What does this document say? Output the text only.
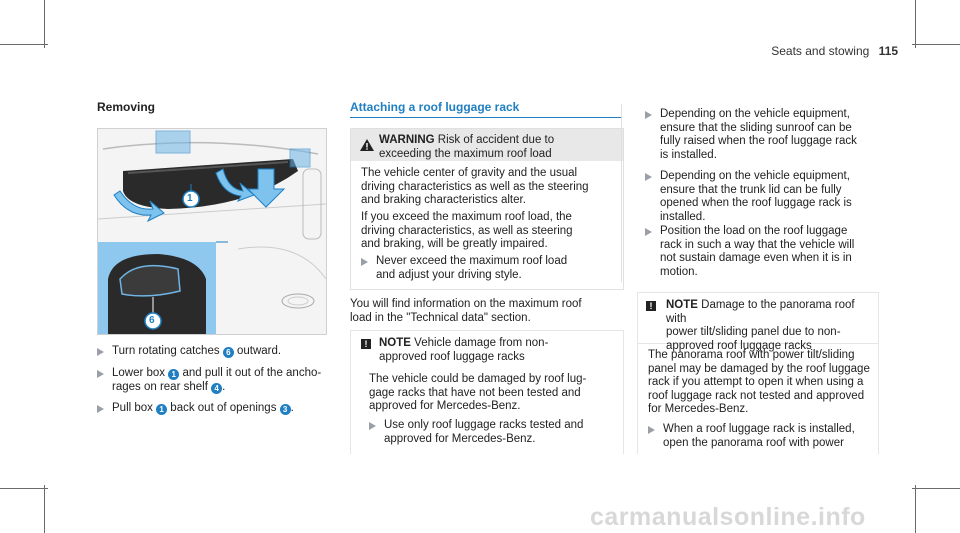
Seats and stowing 115
Removing
1
6
Turn rotating catches 6 outward.
Lower box 1 and pull it out of the ancho-
rages on rear shelf 4 .
Pull box 1 back out of openings 3 .
Attaching a roof luggage rack
WARNING Risk of accident due to
exceeding the maximum roof load
The vehicle center of gravity and the usual
driving characteristics as well as the steering
and braking characteristics alter.
If you exceed the maximum roof load, the
driving characteristics, as well as steering
and braking, will be greatly impaired.
Never exceed the maximum roof load
and adjust your driving style.
You will find information on the maximum roof
load in the "Technical data" section.
!	NOTE Vehicle damage from non-
approved roof luggage racks
The vehicle could be damaged by roof lug-
gage racks that have not been tested and
approved for Mercedes-Benz.
Use only roof luggage racks tested and
approved for Mercedes-Benz.
Depending on the vehicle equipment,
ensure that the sliding sunroof can be
fully raised when the roof luggage rack
is installed.
Depending on the vehicle equipment,
ensure that the trunk lid can be fully
opened when the roof luggage rack is
installed.
Position the load on the roof luggage
rack in such a way that the vehicle will
not sustain damage even when it is in
motion.
!	NOTE Damage to the panorama roof with
power tilt/sliding panel due to non-
approved roof luggage racks
The panorama roof with power tilt/sliding
panel may be damaged by the roof luggage
rack if you attempt to open it when using a
roof luggage rack not tested and approved
for Mercedes-Benz.
When a roof luggage rack is installed,
open the panorama roof with power
carmanualsonline.info
